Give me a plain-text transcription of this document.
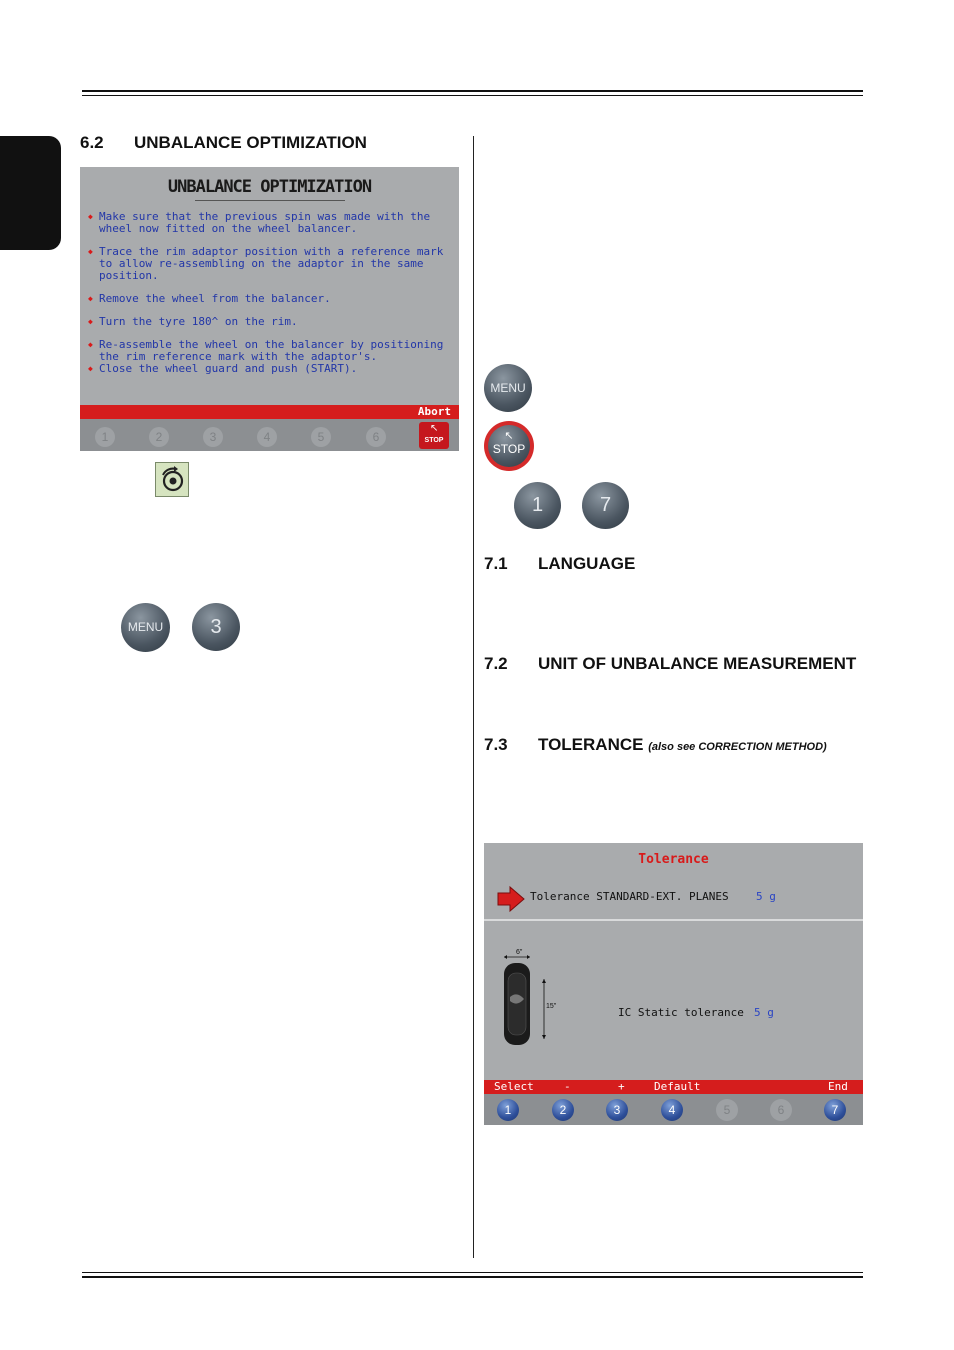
6.2 UNBALANCE OPTIMIZATION
UNBALANCE OPTIMIZATION
◆ Make sure that the previous spin was made with the wheel now fitted on the wheel balancer.
◆ Trace the rim adaptor position with a reference mark to allow re-assembling on the adaptor in the same position.
◆ Remove the wheel from the balancer.
◆ Turn the tyre 180^ on the rim.
◆ Re-assemble the wheel on the balancer by positioning the rim reference mark with the adaptor's.
◆ Close the wheel guard and push (START).
Abort
1	2	3	4	5	6
↖
STOP
MENU	3
MENU
↖
STOP
1	7
7.1 LANGUAGE
7.2 UNIT OF UNBALANCE MEASUREMENT
7.3 TOLERANCE (also see CORRECTION METHOD)
Tolerance
Tolerance STANDARD-EXT. PLANES 5 g
6"
15"	IC Static tolerance 5 g
Select	-	+	Default	End
1	2	3	4	5	6	7
